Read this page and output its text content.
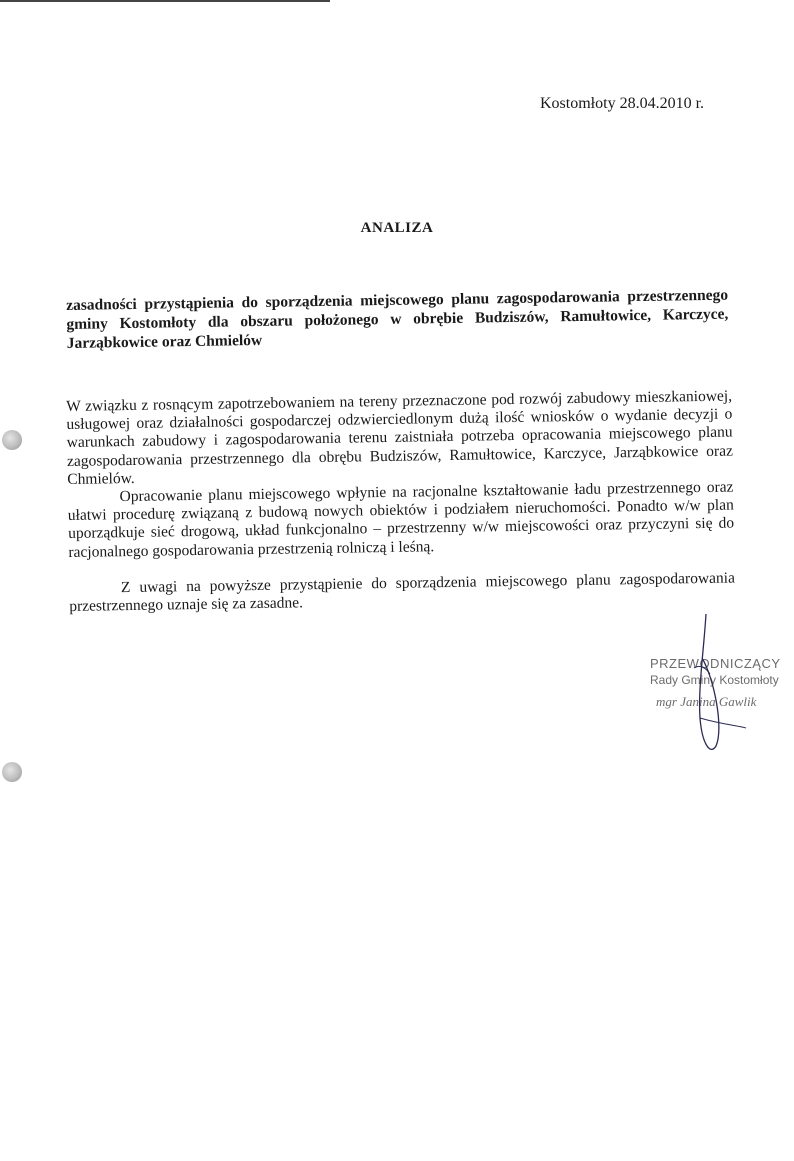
Kostomłoty 28.04.2010 r.
ANALIZA
zasadności przystąpienia do sporządzenia miejscowego planu zagospodarowania przestrzennego gminy Kostomłoty dla obszaru położonego w obrębie Budziszów, Ramułtowice, Karczyce, Jarząbkowice oraz Chmielów

W związku z rosnącym zapotrzebowaniem na tereny przeznaczone pod rozwój zabudowy mieszkaniowej, usługowej oraz działalności gospodarczej odzwierciedlonym dużą ilość wniosków o wydanie decyzji o warunkach zabudowy i zagospodarowania terenu zaistniała potrzeba opracowania miejscowego planu zagospodarowania przestrzennego dla obrębu Budziszów, Ramułtowice, Karczyce, Jarząbkowice oraz Chmielów.

Opracowanie planu miejscowego wpłynie na racjonalne kształtowanie ładu przestrzennego oraz ułatwi procedurę związaną z budową nowych obiektów i podziałem nieruchomości. Ponadto w/w plan uporządkuje sieć drogową, układ funkcjonalno – przestrzenny w/w miejscowości oraz przyczyni się do racjonalnego gospodarowania przestrzenią rolniczą i leśną.

Z uwagi na powyższe przystąpienie do sporządzenia miejscowego planu zagospodarowania przestrzennego uznaje się za zasadne.

PRZEWODNICZĄCY
Rady Gminy Kostomłoty
mgr Janina Gawlik
